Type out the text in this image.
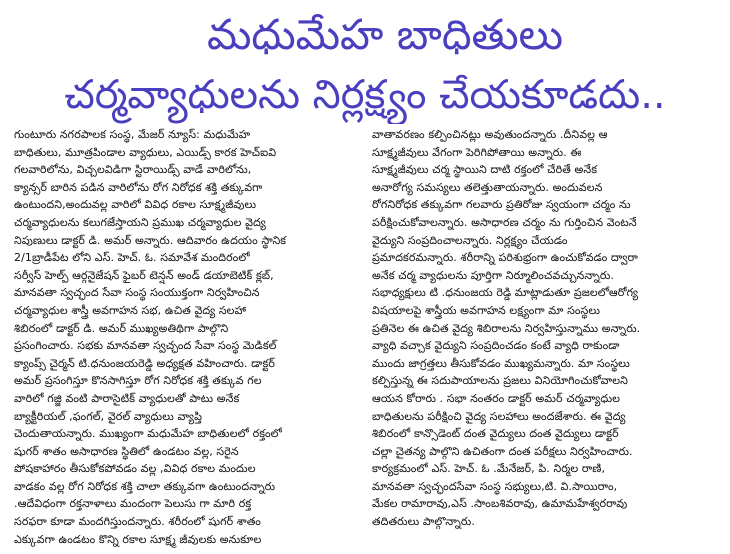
మధుమేహ బాధితులు
చర్మవ్యాధులను నిర్లక్ష్యం చేయకూడదు..
గుంటూరు నగరపాలక సంస్థ, మేజర్ న్యూస్: మధుమేహ
బాధితులు, మూత్రపిండాల వ్యాధులు, ఎయిడ్స్ కారక హెచ్ఐవి
గలవారిలోను, విచ్చలవిడిగా స్టిరాయిడ్స్ వాడే వారిలోను,
క్యాన్సర్ బారిన పడిన వారిలోను రోగ నిరోధక శక్తి తక్కువగా
ఉంటుందని,అందువల్ల వారిలో వివిధ రకాల సూక్ష్మజీవులు
చర్మవ్యాధులను కలుగజేస్తాయని ప్రముఖ చర్మవ్యాధుల వైద్య
నిపుణులు డాక్టర్ డి. అమర్ అన్నారు. ఆదివారం ఉదయం స్థానిక
2/1బ్రాడీపేట లోని ఎస్. హెచ్. ఓ. సమావేశ మందిరంలో
సర్వీస్ హెల్ప్ ఆర్గనైజేషన్ ఫైబర్ టెన్షన్ అండ్ డయాబెటిక్ క్లబ్,
మానవతా స్వచ్ఛంద సేవా సంస్థ సంయుక్తంగా నిర్వహించిన
చర్మవ్యాధుల శాస్త్రీ అవగాహన సభ, ఉచిత వైద్య సలహా
శిబిరంలో డాక్టర్ డి. అమర్ ముఖ్యఅతిథిగా పాల్గొని
ప్రసంగించారు. సభకు మానవతా స్వచ్ఛంద సేవా సంస్థ మెడికల్
క్యాంప్స్ చైర్మన్ టి.ధనుంజయరెడ్డి అధ్యక్షత వహించారు. డాక్టర్
అమర్ ప్రసంగిస్తూ కొనసాగిస్తూ రోగ నిరోధక శక్తి తక్కువ గల
వారిలో గజ్జి వంటి పారాసైటిక్ వ్యాధులతో పాటు అనేక
బ్యాక్టీరియల్ ,ఫంగల్, వైరల్ వ్యాధులు వ్యాప్తి
చెందుతాయన్నారు. ముఖ్యంగా మధుమేహ బాధితులలో రక్తంలో
షుగర్ శాతం అసాధారణ స్థితిలో ఉండటం వల్ల, సరైన
పోషకాహారం తీసుకోకపోవడం వల్ల ,వివిధ రకాల మందుల
వాడకం వల్ల రోగ నిరోధక శక్తి చాలా తక్కువగా ఉంటుందన్నారు
.ఆదేవిధంగా రక్తనాళాలు మందంగా పెలుసు గా మారి రక్త
సరఫరా కూడా మందగిస్తుందన్నారు. శరీరంలో షుగర్ శాతం
ఎక్కువగా ఉండటం కొన్ని రకాల సూక్ష్మ జీవులకు అనుకూల
వాతావరణం కల్పించినట్లు అవుతుందన్నారు .దీనివల్ల ఆ
సూక్ష్మజీవులు వేగంగా పెరిగిపోతాయి అన్నారు. ఈ
సూక్ష్మజీవులు చర్మ స్థాయిని దాటి రక్తంలో చేరితే అనేక
అనారోగ్య సమస్యలు తలెత్తుతాయన్నారు. అందువలన
రోగనిరోధక తక్కువగా గలవారు ప్రతిరోజు స్వయంగా చర్మం ను
పరీక్షించుకోవాలన్నారు. అసాధారణ చర్మం ను గుర్తించిన వెంటనే
వైద్యుని సంప్రదించాలన్నారు. నిర్లక్ష్యం చేయడం
ప్రమాదకరమన్నారు. శరీరాన్ని పరిశుభ్రంగా ఉంచుకోవడం ద్వారా
అనేక చర్మ వ్యాధులను పూర్తిగా నిర్మూలించవచ్చునన్నారు.
సభాధ్యక్షులు టి .ధనుంజయ రెడ్డి మాట్లాడుతూ ప్రజలలోఆరోగ్య
విషయాలపై శాస్త్రీయ అవగాహన లక్ష్యంగా మా సంస్థలు
ప్రతినెల ఈ ఉచిత వైద్య శిబిరాలను నిర్వహిస్తున్నాము అన్నారు.
వ్యాధి వచ్చాక వైద్యుని సంప్రదించడం కంటే వ్యాధి రాకుండా
ముందు జాగ్రత్తలు తీసుకోవడం ముఖ్యమన్నారు. మా సంస్థలు
కల్పిస్తున్న ఈ సదుపాయాలను ప్రజలు వినియోగించుకోవాలని
ఆయన కోరారు . సభా నంతరం డాక్టర్ అమర్ చర్మవ్యాధుల
బాధితులను పరీక్షించి వైద్య సలహాలు అందజేశారు. ఈ వైద్య
శిబిరంలో కాన్సొడెంట్ దంత వైద్యులు దంత వైద్యులు డాక్టర్
చల్లా చైతన్య పాల్గొని ఉచితంగా దంత పరీక్షలు నిర్వహించారు.
కార్యక్రమంలో ఎస్. హెచ్. ఓ .మేనేజర్, పి. నిర్మల రాణి,
మానవతా స్వచ్ఛందసేవా సంస్థ సభ్యులు,టి. వి.సాయిరాం,
మేకల రామారావు,ఎస్ .సాంబశివరావు, ఉమామహేశ్వరరావు
తదితరులు పాల్గొన్నారు.
